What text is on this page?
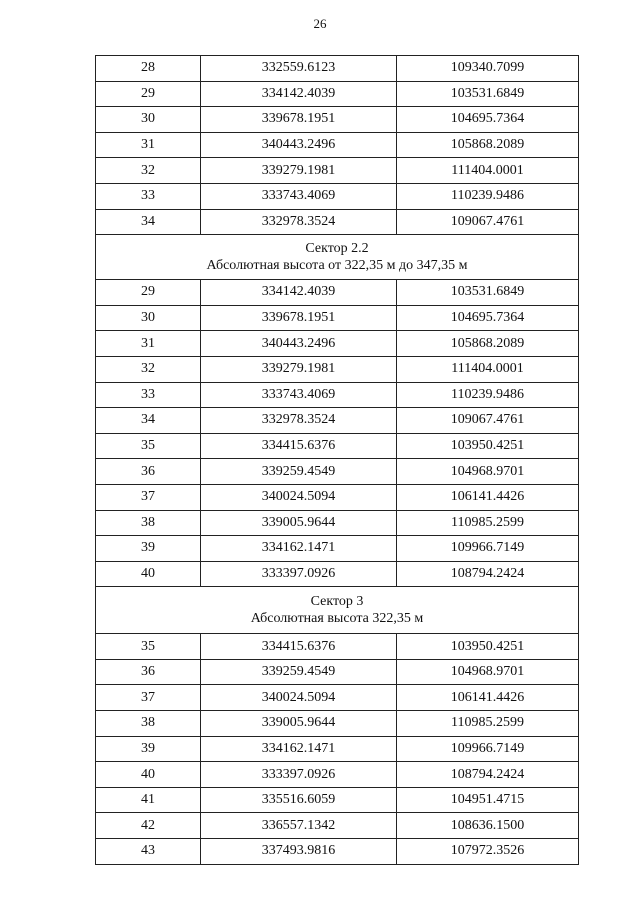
26
28	332559.6123	109340.7099
29	334142.4039	103531.6849
30	339678.1951	104695.7364
31	340443.2496	105868.2089
32	339279.1981	111404.0001
33	333743.4069	110239.9486
34	332978.3524	109067.4761

Сектор 2.2
Абсолютная высота от 322,35 м до 347,35 м		

29	334142.4039	103531.6849
30	339678.1951	104695.7364
31	340443.2496	105868.2089
32	339279.1981	111404.0001
33	333743.4069	110239.9486
34	332978.3524	109067.4761
35	334415.6376	103950.4251
36	339259.4549	104968.9701
37	340024.5094	106141.4426
38	339005.9644	110985.2599
39	334162.1471	109966.7149
40	333397.0926	108794.2424

Сектор 3
Абсолютная высота 322,35 м		

35	334415.6376	103950.4251
36	339259.4549	104968.9701
37	340024.5094	106141.4426
38	339005.9644	110985.2599
39	334162.1471	109966.7149
40	333397.0926	108794.2424
41	335516.6059	104951.4715
42	336557.1342	108636.1500
43	337493.9816	107972.3526
